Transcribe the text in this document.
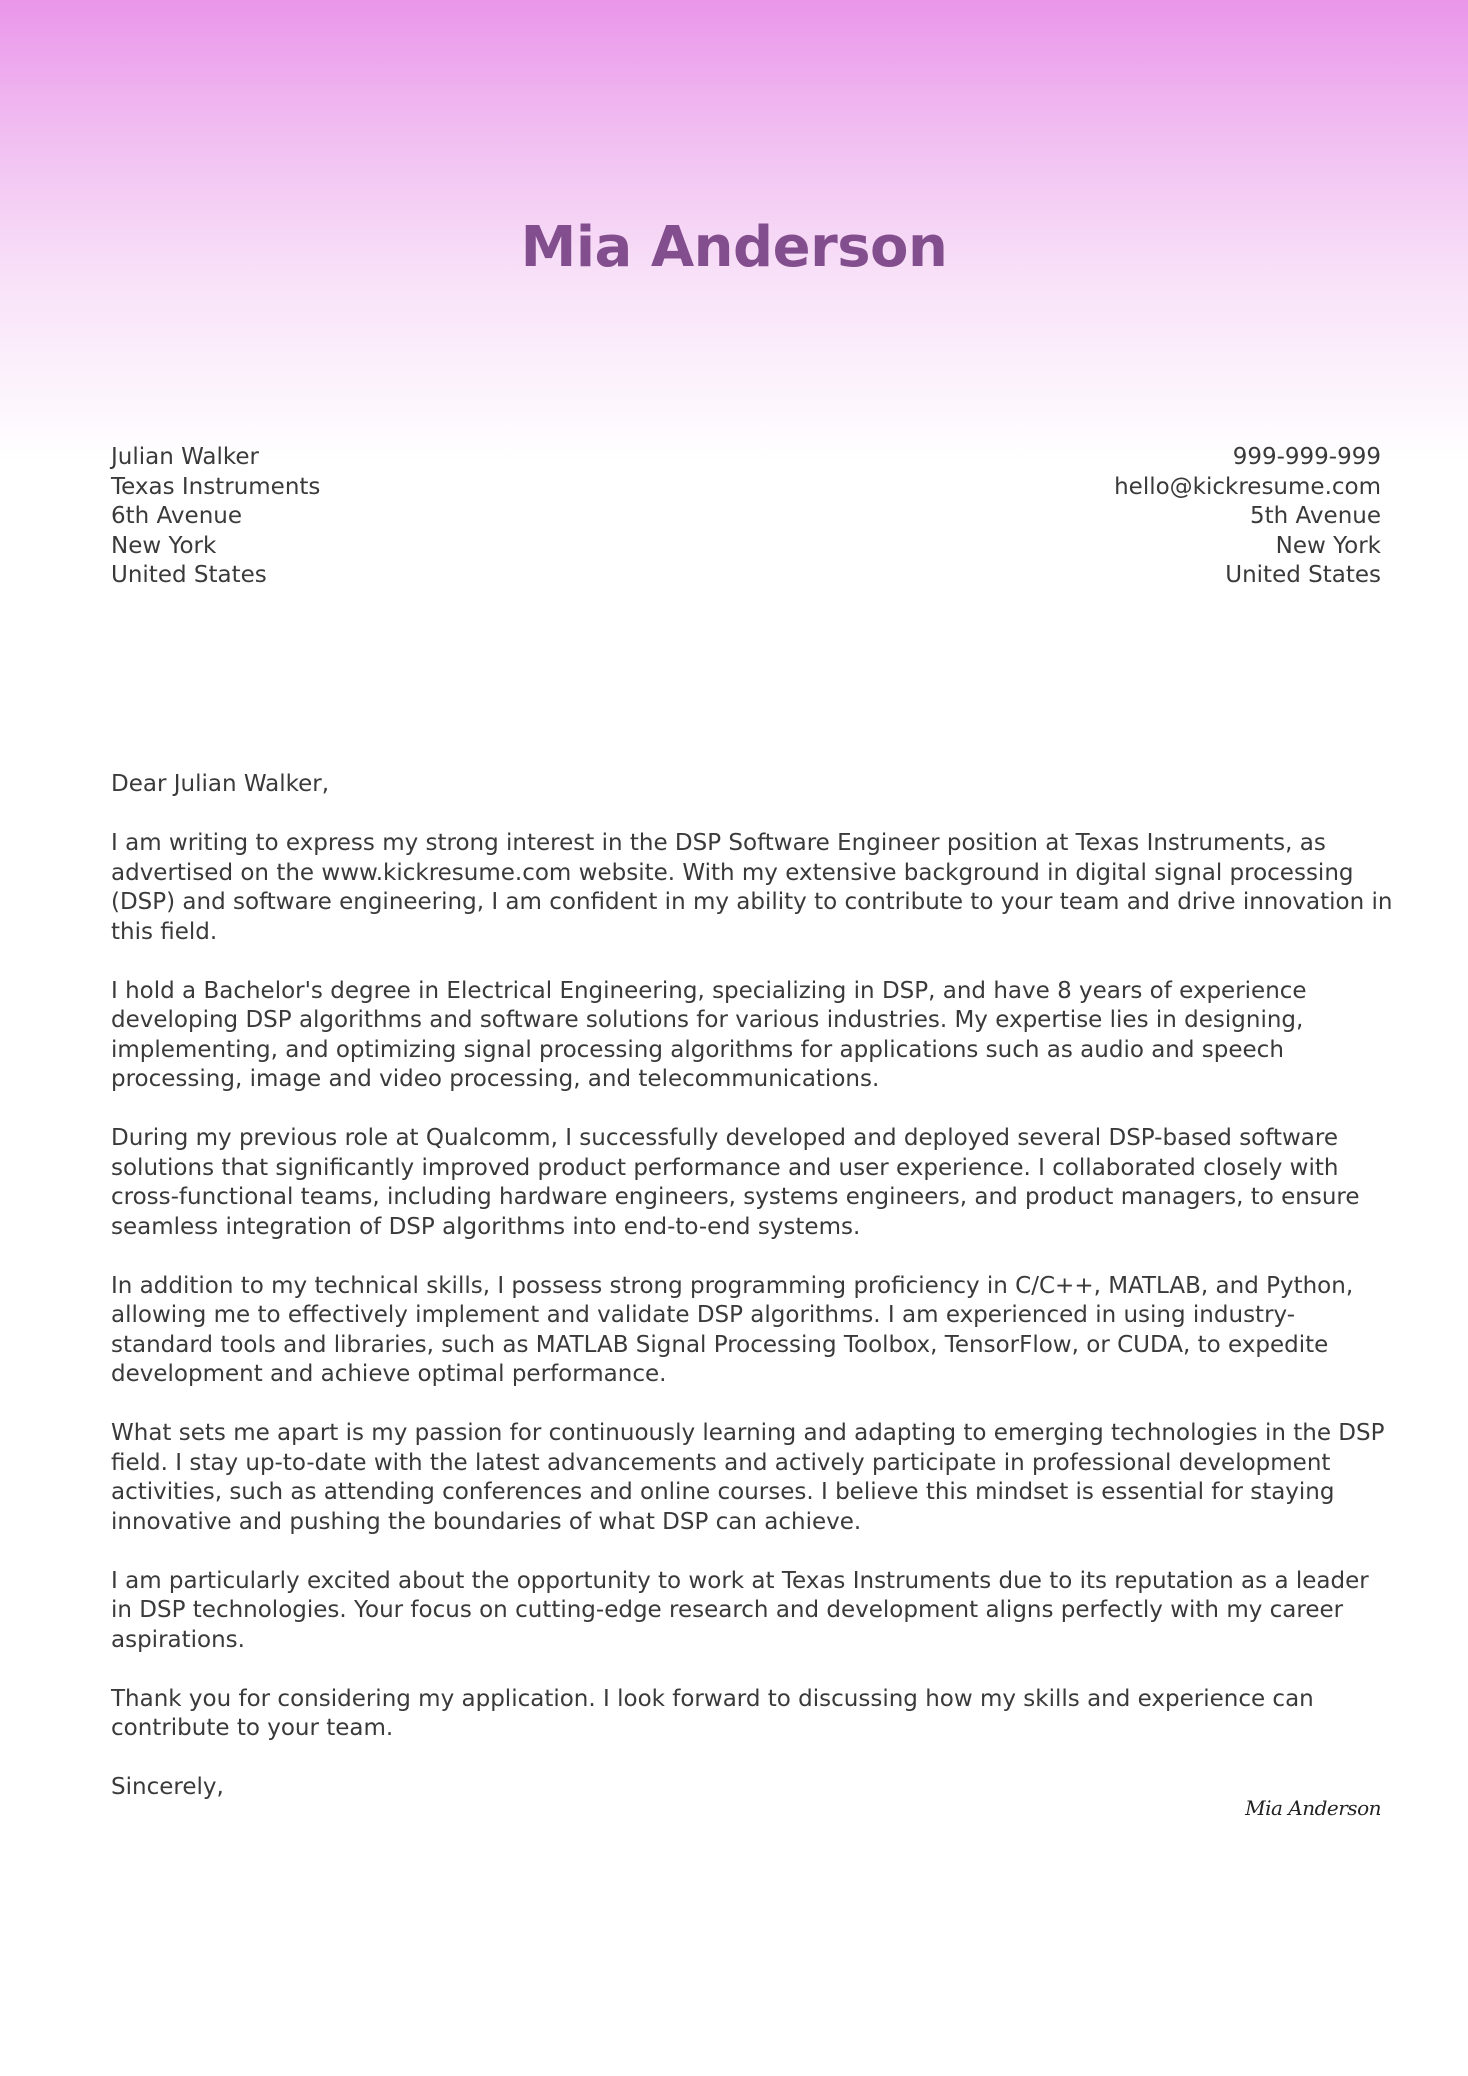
Mia Anderson
Julian Walker
Texas Instruments
6th Avenue
New York
United States
999-999-999
hello@kickresume.com
5th Avenue
New York
United States

Dear Julian Walker,

I am writing to express my strong interest in the DSP Software Engineer position at Texas Instruments, as advertised on the www.kickresume.com website. With my extensive background in digital signal processing (DSP) and software engineering, I am confident in my ability to contribute to your team and drive innovation in this field.

I hold a Bachelor's degree in Electrical Engineering, specializing in DSP, and have 8 years of experience developing DSP algorithms and software solutions for various industries. My expertise lies in designing, implementing, and optimizing signal processing algorithms for applications such as audio and speech processing, image and video processing, and telecommunications.

During my previous role at Qualcomm, I successfully developed and deployed several DSP-based software solutions that significantly improved product performance and user experience. I collaborated closely with cross-functional teams, including hardware engineers, systems engineers, and product managers, to ensure seamless integration of DSP algorithms into end-to-end systems.

In addition to my technical skills, I possess strong programming proficiency in C/C++, MATLAB, and Python, allowing me to effectively implement and validate DSP algorithms. I am experienced in using industry-standard tools and libraries, such as MATLAB Signal Processing Toolbox, TensorFlow, or CUDA, to expedite development and achieve optimal performance.

What sets me apart is my passion for continuously learning and adapting to emerging technologies in the DSP field. I stay up-to-date with the latest advancements and actively participate in professional development activities, such as attending conferences and online courses. I believe this mindset is essential for staying innovative and pushing the boundaries of what DSP can achieve.

I am particularly excited about the opportunity to work at Texas Instruments due to its reputation as a leader in DSP technologies. Your focus on cutting-edge research and development aligns perfectly with my career aspirations.

Thank you for considering my application. I look forward to discussing how my skills and experience can contribute to your team.

Sincerely,

Mia Anderson
